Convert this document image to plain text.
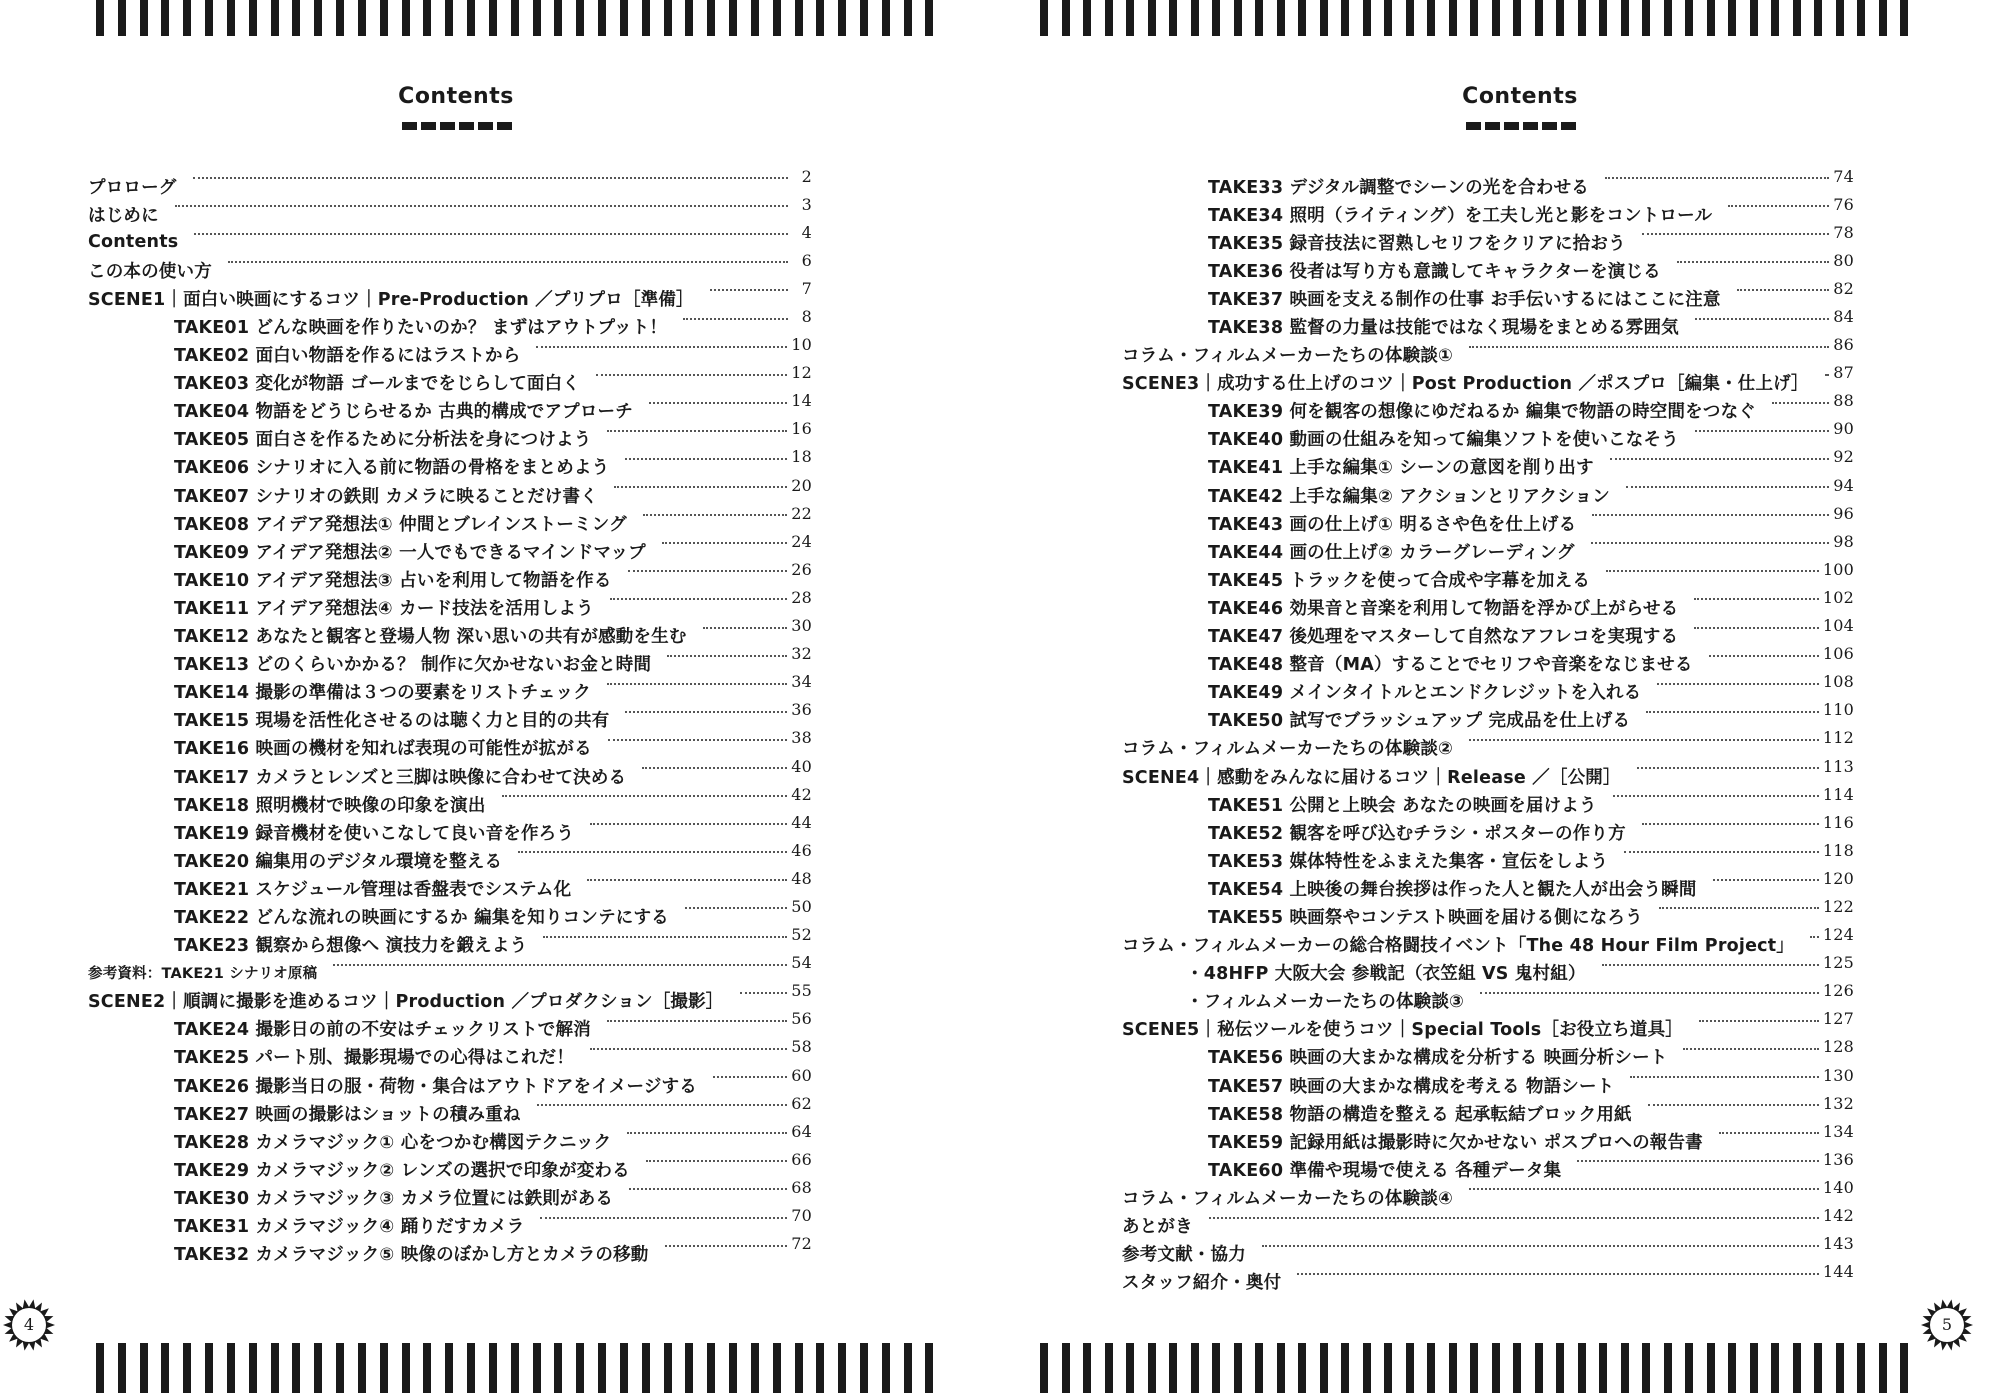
Contents
プロローグ
2
はじめに
3
Contents	4
この本の使い方
6
SCENE1｜面白い映画にするコツ｜Pre-Production ／プリプロ［準備］
7
TAKE01 どんな映画を作りたいのか？ まずはアウトプット！
8
TAKE02 面白い物語を作るにはラストから
10
TAKE03 変化が物語 ゴールまでをじらして面白く
12
TAKE04 物語をどうじらせるか 古典的構成でアプローチ
14
TAKE05 面白さを作るために分析法を身につけよう
16
TAKE06 シナリオに入る前に物語の骨格をまとめよう
18
TAKE07 シナリオの鉄則 カメラに映ることだけ書く
20
TAKE08 アイデア発想法① 仲間とブレインストーミング
22
TAKE09 アイデア発想法② 一人でもできるマインドマップ
24
TAKE10 アイデア発想法③ 占いを利用して物語を作る
26
TAKE11 アイデア発想法④ カード技法を活用しよう
28
TAKE12 あなたと観客と登場人物 深い思いの共有が感動を生む
30
TAKE13 どのくらいかかる？ 制作に欠かせないお金と時間
32
TAKE14 撮影の準備は３つの要素をリストチェック
34
TAKE15 現場を活性化させるのは聴く力と目的の共有
36
TAKE16 映画の機材を知れば表現の可能性が拡がる
38
TAKE17 カメラとレンズと三脚は映像に合わせて決める
40
TAKE18 照明機材で映像の印象を演出
42
TAKE19 録音機材を使いこなして良い音を作ろう
44
TAKE20 編集用のデジタル環境を整える
46
TAKE21 スケジュール管理は香盤表でシステム化
48
TAKE22 どんな流れの映画にするか 編集を知りコンテにする
50
TAKE23 観察から想像へ 演技力を鍛えよう
52
参考資料：TAKE21 シナリオ原稿
54
SCENE2｜順調に撮影を進めるコツ｜Production ／プロダクション［撮影］
55
TAKE24 撮影日の前の不安はチェックリストで解消
56
TAKE25 パート別、撮影現場での心得はこれだ！
58
TAKE26 撮影当日の服・荷物・集合はアウトドアをイメージする
60
TAKE27 映画の撮影はショットの積み重ね
62
TAKE28 カメラマジック① 心をつかむ構図テクニック
64
TAKE29 カメラマジック② レンズの選択で印象が変わる
66
TAKE30 カメラマジック③ カメラ位置には鉄則がある
68
TAKE31 カメラマジック④ 踊りだすカメラ
70
TAKE32 カメラマジック⑤ 映像のぼかし方とカメラの移動
72
4
Contents
TAKE33 デジタル調整でシーンの光を合わせる
74
TAKE34 照明（ライティング）を工夫し光と影をコントロール
76
TAKE35 録音技法に習熟しセリフをクリアに拾おう
78
TAKE36 役者は写り方も意識してキャラクターを演じる
80
TAKE37 映画を支える制作の仕事 お手伝いするにはここに注意
82
TAKE38 監督の力量は技能ではなく現場をまとめる雰囲気
84
コラム・フィルムメーカーたちの体験談①
86
SCENE3｜成功する仕上げのコツ｜Post Production ／ポスプロ［編集・仕上げ］
87
TAKE39 何を観客の想像にゆだねるか 編集で物語の時空間をつなぐ
88
TAKE40 動画の仕組みを知って編集ソフトを使いこなそう
90
TAKE41 上手な編集① シーンの意図を削り出す
92
TAKE42 上手な編集② アクションとリアクション
94
TAKE43 画の仕上げ① 明るさや色を仕上げる
96
TAKE44 画の仕上げ② カラーグレーディング
98
TAKE45 トラックを使って合成や字幕を加える
100
TAKE46 効果音と音楽を利用して物語を浮かび上がらせる
102
TAKE47 後処理をマスターして自然なアフレコを実現する
104
TAKE48 整音（MA）することでセリフや音楽をなじませる
106
TAKE49 メインタイトルとエンドクレジットを入れる
108
TAKE50 試写でブラッシュアップ 完成品を仕上げる
110
コラム・フィルムメーカーたちの体験談②
112
SCENE4｜感動をみんなに届けるコツ｜Release ／［公開］
113
TAKE51 公開と上映会 あなたの映画を届けよう
114
TAKE52 観客を呼び込むチラシ・ポスターの作り方
116
TAKE53 媒体特性をふまえた集客・宣伝をしよう
118
TAKE54 上映後の舞台挨拶は作った人と観た人が出会う瞬間
120
TAKE55 映画祭やコンテスト映画を届ける側になろう
122
コラム・フィルムメーカーの総合格闘技イベント「The 48 Hour Film Project」
124
・48HFP 大阪大会 参戦記（衣笠組 VS 鬼村組）
125
・フィルムメーカーたちの体験談③
126
SCENE5｜秘伝ツールを使うコツ｜Special Tools［お役立ち道具］
127
TAKE56 映画の大まかな構成を分析する 映画分析シート
128
TAKE57 映画の大まかな構成を考える 物語シート
130
TAKE58 物語の構造を整える 起承転結ブロック用紙
132
TAKE59 記録用紙は撮影時に欠かせない ポスプロへの報告書
134
TAKE60 準備や現場で使える 各種データ集
136
コラム・フィルムメーカーたちの体験談④
140
あとがき
142
参考文献・協力
143
スタッフ紹介・奥付
144
5
